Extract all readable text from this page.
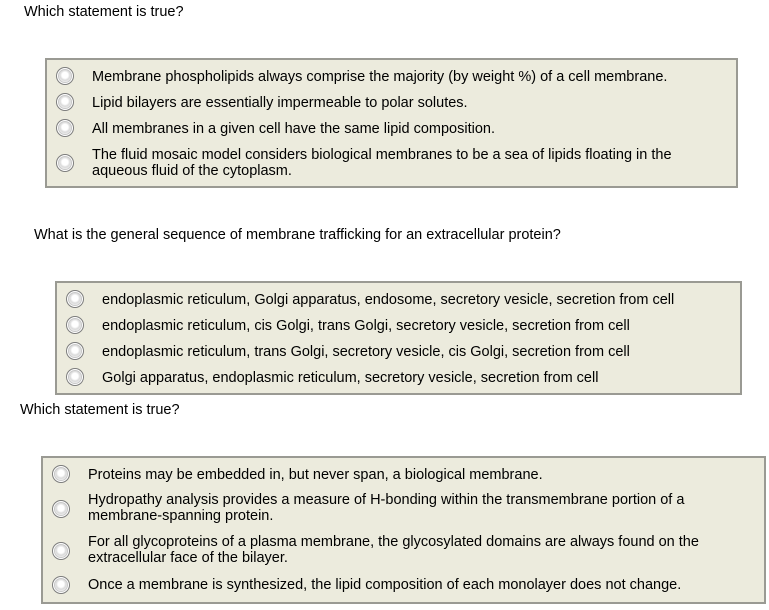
Which statement is true?
Membrane phospholipids always comprise the majority (by weight %) of a cell membrane.
Lipid bilayers are essentially impermeable to polar solutes.
All membranes in a given cell have the same lipid composition.
The fluid mosaic model considers biological membranes to be a sea of lipids floating in the aqueous fluid of the cytoplasm.
What is the general sequence of membrane trafficking for an extracellular protein?
endoplasmic reticulum, Golgi apparatus, endosome, secretory vesicle, secretion from cell
endoplasmic reticulum, cis Golgi, trans Golgi, secretory vesicle, secretion from cell
endoplasmic reticulum, trans Golgi, secretory vesicle, cis Golgi, secretion from cell
Golgi apparatus, endoplasmic reticulum, secretory vesicle, secretion from cell
Which statement is true?
Proteins may be embedded in, but never span, a biological membrane.
Hydropathy analysis provides a measure of H-bonding within the transmembrane portion of a membrane-spanning protein.
For all glycoproteins of a plasma membrane, the glycosylated domains are always found on the extracellular face of the bilayer.
Once a membrane is synthesized, the lipid composition of each monolayer does not change.
